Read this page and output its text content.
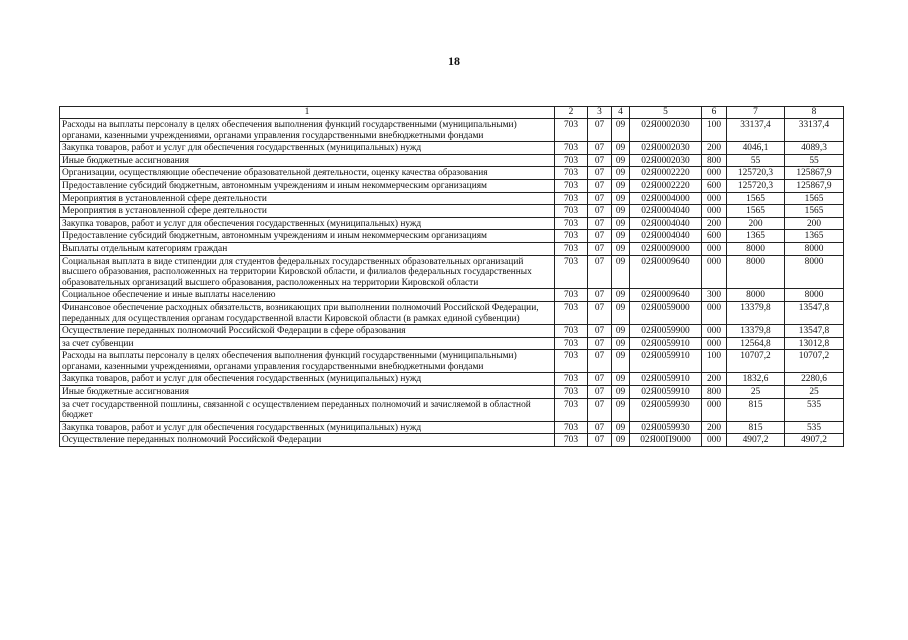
18
1	2	3	4	5	6	7	8
Расходы на выплаты персоналу в целях обеспечения выполнения функций государственными (муниципальными) органами, казенными учреждениями, органами управления государственными внебюджетными фондами	703	07	09	02Я0002030	100	33137,4	33137,4
Закупка товаров, работ и услуг для обеспечения государственных (муниципальных) нужд	703	07	09	02Я0002030	200	4046,1	4089,3
Иные бюджетные ассигнования	703	07	09	02Я0002030	800	55	55
Организации, осуществляющие обеспечение образовательной деятельности, оценку качества образования	703	07	09	02Я0002220	000	125720,3	125867,9
Предоставление субсидий бюджетным, автономным учреждениям и иным некоммерческим организациям	703	07	09	02Я0002220	600	125720,3	125867,9
Мероприятия в установленной сфере деятельности	703	07	09	02Я0004000	000	1565	1565
Мероприятия в установленной сфере деятельности	703	07	09	02Я0004040	000	1565	1565
Закупка товаров, работ и услуг для обеспечения государственных (муниципальных) нужд	703	07	09	02Я0004040	200	200	200
Предоставление субсидий бюджетным, автономным учреждениям и иным некоммерческим организациям	703	07	09	02Я0004040	600	1365	1365
Выплаты отдельным категориям граждан	703	07	09	02Я0009000	000	8000	8000
Социальная выплата в виде стипендии для студентов федеральных государственных образовательных организаций высшего образования, расположенных на территории Кировской области, и филиалов федеральных государственных образовательных организаций высшего образования, расположенных на территории Кировской области	703	07	09	02Я0009640	000	8000	8000
Социальное обеспечение и иные выплаты населению	703	07	09	02Я0009640	300	8000	8000
Финансовое обеспечение расходных обязательств, возникающих при выполнении полномочий Российской Федерации, переданных для осуществления органам государственной власти Кировской области (в рамках единой субвенции)	703	07	09	02Я0059000	000	13379,8	13547,8
Осуществление переданных полномочий Российской Федерации в сфере образования	703	07	09	02Я0059900	000	13379,8	13547,8
за счет субвенции	703	07	09	02Я0059910	000	12564,8	13012,8
Расходы на выплаты персоналу в целях обеспечения выполнения функций государственными (муниципальными) органами, казенными учреждениями, органами управления государственными внебюджетными фондами	703	07	09	02Я0059910	100	10707,2	10707,2
Закупка товаров, работ и услуг для обеспечения государственных (муниципальных) нужд	703	07	09	02Я0059910	200	1832,6	2280,6
Иные бюджетные ассигнования	703	07	09	02Я0059910	800	25	25
за счет государственной пошлины, связанной с осуществлением переданных полномочий и зачисляемой в областной бюджет	703	07	09	02Я0059930	000	815	535
Закупка товаров, работ и услуг для обеспечения государственных (муниципальных) нужд	703	07	09	02Я0059930	200	815	535
Осуществление переданных полномочий Российской Федерации	703	07	09	02Я00П9000	000	4907,2	4907,2
